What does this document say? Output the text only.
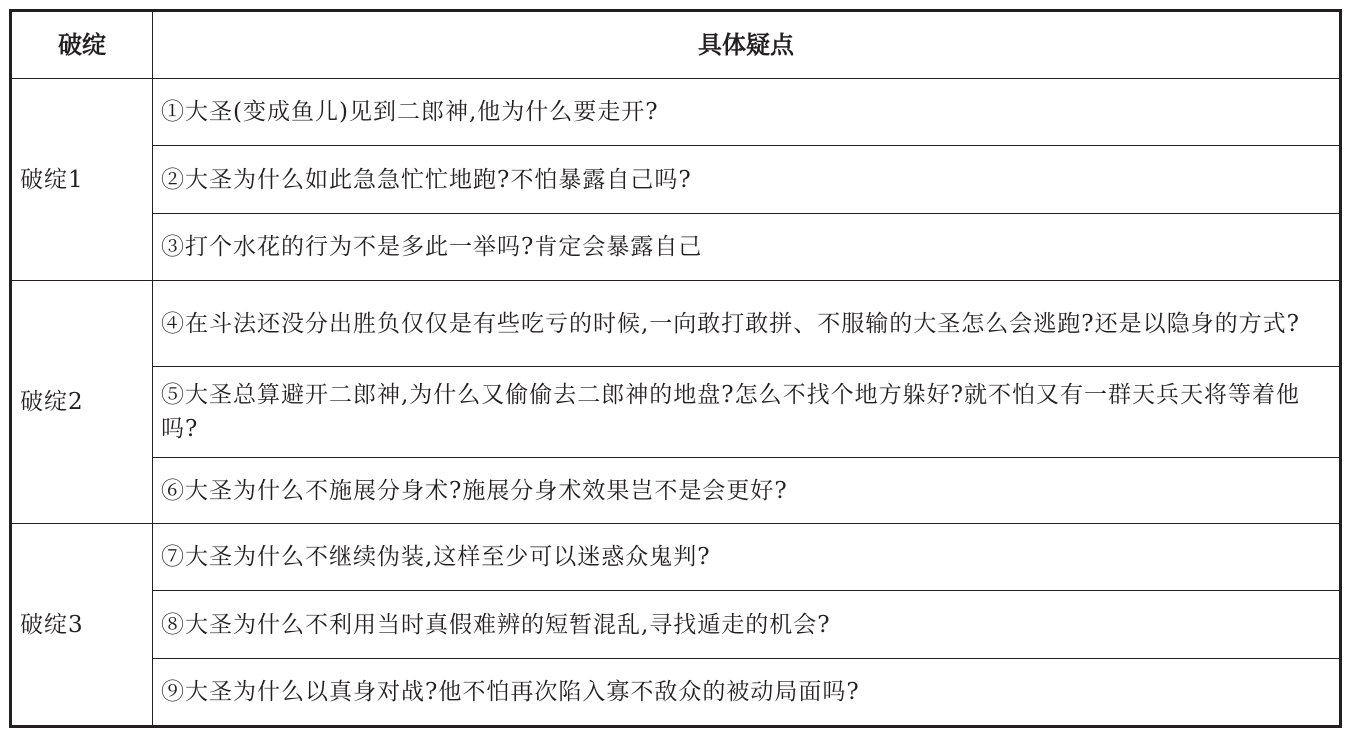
破绽	具体疑点
破绽1	①大圣(变成鱼儿)见到二郎神,他为什么要走开?
	②大圣为什么如此急急忙忙地跑?不怕暴露自己吗?
	③打个水花的行为不是多此一举吗?肯定会暴露自己
破绽2	④在斗法还没分出胜负仅仅是有些吃亏的时候,一向敢打敢拼、不服输的大圣怎么会逃跑?还是以隐身的方式?
	⑤大圣总算避开二郎神,为什么又偷偷去二郎神的地盘?怎么不找个地方躲好?就不怕又有一群天兵天将等着他吗?
	⑥大圣为什么不施展分身术?施展分身术效果岂不是会更好?
破绽3	⑦大圣为什么不继续伪装,这样至少可以迷惑众鬼判?
	⑧大圣为什么不利用当时真假难辨的短暂混乱,寻找遁走的机会?
	⑨大圣为什么以真身对战?他不怕再次陷入寡不敌众的被动局面吗?
